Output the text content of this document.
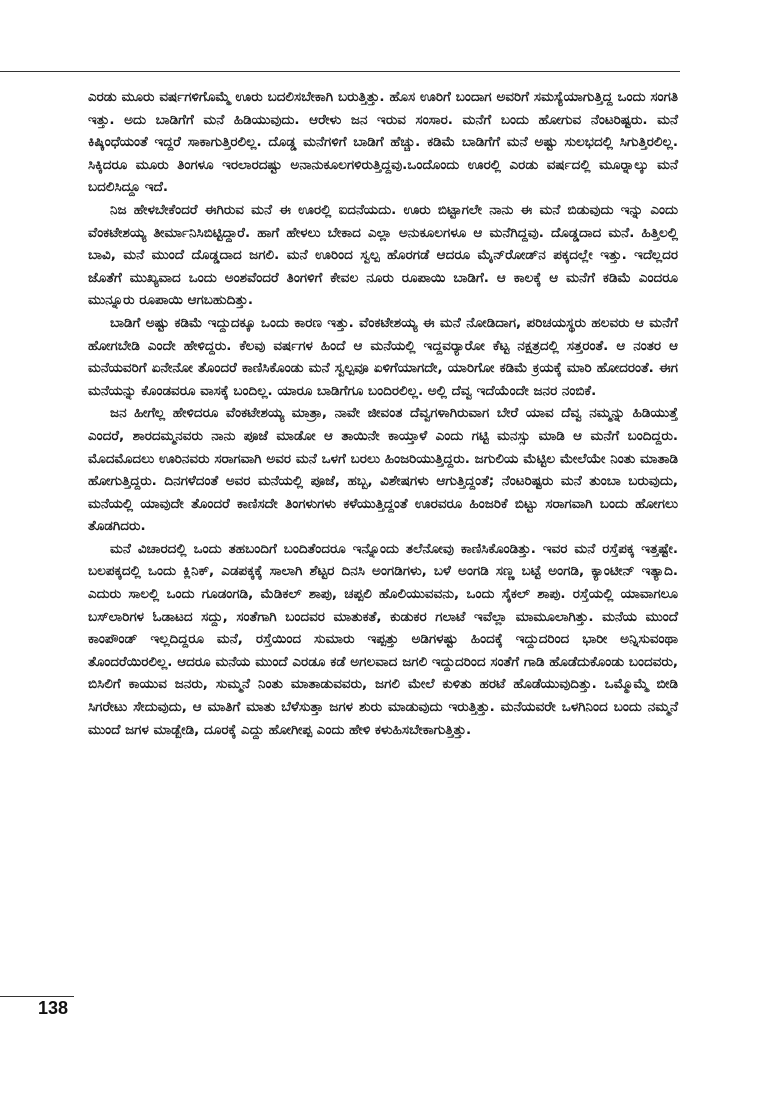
ಎರಡು ಮೂರು ವರ್ಷಗಳಿಗೊಮ್ಮೆ ಊರು ಬದಲಿಸಬೇಕಾಗಿ ಬರುತ್ತಿತ್ತು. ಹೊಸ ಊರಿಗೆ ಬಂದಾಗ ಅವರಿಗೆ ಸಮಸ್ಯೆಯಾಗುತ್ತಿದ್ದ ಒಂದು ಸಂಗತಿ ಇತ್ತು. ಅದು ಬಾಡಿಗೆಗೆ ಮನೆ ಹಿಡಿಯುವುದು. ಆರೇಳು ಜನ ಇರುವ ಸಂಸಾರ. ಮನೆಗೆ ಬಂದು ಹೋಗುವ ನೆಂಟರಿಷ್ಟರು. ಮನೆ ಕಿಷ್ಕಿಂಧೆಯಂತೆ ಇದ್ದರೆ ಸಾಕಾಗುತ್ತಿರಲಿಲ್ಲ. ದೊಡ್ಡ ಮನೆಗಳಿಗೆ ಬಾಡಿಗೆ ಹೆಚ್ಚು. ಕಡಿಮೆ ಬಾಡಿಗೆಗೆ ಮನೆ ಅಷ್ಟು ಸುಲಭದಲ್ಲಿ ಸಿಗುತ್ತಿರಲಿಲ್ಲ. ಸಿಕ್ಕಿದರೂ ಮೂರು ತಿಂಗಳೂ ಇರಲಾರದಷ್ಟು ಅನಾನುಕೂಲಗಳಿರುತ್ತಿದ್ದವು.ಒಂದೊಂದು ಊರಲ್ಲಿ ಎರಡು ವರ್ಷದಲ್ಲಿ ಮೂರ್‍ನಾಲ್ಕು ಮನೆ ಬದಲಿಸಿದ್ದೂ ಇದೆ.

ನಿಜ ಹೇಳಬೇಕೆಂದರೆ ಈಗಿರುವ ಮನೆ ಈ ಊರಲ್ಲಿ ಐದನೆಯದು. ಊರು ಬಿಟ್ಟಾಗಲೇ ನಾನು ಈ ಮನೆ ಬಿಡುವುದು ಇನ್ನು ಎಂದು ವೆಂಕಟೇಶಯ್ಯ ತೀರ್ಮಾನಿಸಿಬಿಟ್ಟಿದ್ದಾರೆ. ಹಾಗೆ ಹೇಳಲು ಬೇಕಾದ ಎಲ್ಲಾ ಅನುಕೂಲಗಳೂ ಆ ಮನೆಗಿದ್ದವು. ದೊಡ್ಡದಾದ ಮನೆ. ಹಿತ್ತಿಲಲ್ಲಿ ಬಾವಿ, ಮನೆ ಮುಂದೆ ದೊಡ್ಡದಾದ ಜಗಲಿ. ಮನೆ ಊರಿಂದ ಸ್ವಲ್ಪ ಹೊರಗಡೆ ಆದರೂ ಮೈನ್‌ರೋಡ್‌ನ ಪಕ್ಕದಲ್ಲೇ ಇತ್ತು. ಇದೆಲ್ಲದರ ಜೊತೆಗೆ ಮುಖ್ಯವಾದ ಒಂದು ಅಂಶವೆಂದರೆ ತಿಂಗಳಿಗೆ ಕೇವಲ ನೂರು ರೂಪಾಯಿ ಬಾಡಿಗೆ. ಆ ಕಾಲಕ್ಕೆ ಆ ಮನೆಗೆ ಕಡಿಮೆ ಎಂದರೂ ಮುನ್ನೂರು ರೂಪಾಯಿ ಆಗಬಹುದಿತ್ತು.

ಬಾಡಿಗೆ ಅಷ್ಟು ಕಡಿಮೆ ಇದ್ದುದಕ್ಕೂ ಒಂದು ಕಾರಣ ಇತ್ತು. ವೆಂಕಟೇಶಯ್ಯ ಈ ಮನೆ ನೋಡಿದಾಗ, ಪರಿಚಯಸ್ಥರು ಹಲವರು ಆ ಮನೆಗೆ ಹೋಗಬೇಡಿ ಎಂದೇ ಹೇಳಿದ್ದರು. ಕೆಲವು ವರ್ಷಗಳ ಹಿಂದೆ ಆ ಮನೆಯಲ್ಲಿ ಇದ್ದವರ್‍ಯಾರೋ ಕೆಟ್ಟ ನಕ್ಷತ್ರದಲ್ಲಿ ಸತ್ತರಂತೆ. ಆ ನಂತರ ಆ ಮನೆಯವರಿಗೆ ಏನೇನೋ ತೊಂದರೆ ಕಾಣಿಸಿಕೊಂಡು ಮನೆ ಸ್ವಲ್ಪವೂ ಏಳಿಗೆಯಾಗದೇ, ಯಾರಿಗೋ ಕಡಿಮೆ ಕ್ರಯಕ್ಕೆ ಮಾರಿ ಹೋದರಂತೆ. ಈಗ ಮನೆಯನ್ನು ಕೊಂಡವರೂ ವಾಸಕ್ಕೆ ಬಂದಿಲ್ಲ. ಯಾರೂ ಬಾಡಿಗೆಗೂ ಬಂದಿರಲಿಲ್ಲ. ಅಲ್ಲಿ ದೆವ್ವ ಇದೆಯೆಂದೇ ಜನರ ನಂಬಿಕೆ.

ಜನ ಹೀಗೆಲ್ಲ ಹೇಳಿದರೂ ವೆಂಕಟೇಶಯ್ಯ ಮಾತ್ರಾ, ನಾವೇ ಜೀವಂತ ದೆವ್ವಗಳಾಗಿರುವಾಗ ಬೇರೆ ಯಾವ ದೆವ್ವ ನಮ್ಮನ್ನು ಹಿಡಿಯುತ್ತೆ ಎಂದರೆ, ಶಾರದಮ್ಮನವರು ನಾನು ಪೂಜೆ ಮಾಡೋ ಆ ತಾಯಿನೇ ಕಾಯ್ತಾಳೆ ಎಂದು ಗಟ್ಟಿ ಮನಸ್ಸು ಮಾಡಿ ಆ ಮನೆಗೆ ಬಂದಿದ್ದರು. ಮೊದಮೊದಲು ಊರಿನವರು ಸರಾಗವಾಗಿ ಅವರ ಮನೆ ಒಳಗೆ ಬರಲು ಹಿಂಜರಿಯುತ್ತಿದ್ದರು. ಜಗುಲಿಯ ಮೆಟ್ಟಿಲ ಮೇಲೆಯೇ ನಿಂತು ಮಾತಾಡಿ ಹೋಗುತ್ತಿದ್ದರು. ದಿನಗಳೆದಂತೆ ಅವರ ಮನೆಯಲ್ಲಿ ಪೂಜೆ, ಹಬ್ಬ, ವಿಶೇಷಗಳು ಆಗುತ್ತಿದ್ದಂತೆ; ನೆಂಟರಿಷ್ಟರು ಮನೆ ತುಂಬಾ ಬರುವುದು, ಮನೆಯಲ್ಲಿ ಯಾವುದೇ ತೊಂದರೆ ಕಾಣಿಸದೇ ತಿಂಗಳುಗಳು ಕಳೆಯುತ್ತಿದ್ದಂತೆ ಊರವರೂ ಹಿಂಜರಿಕೆ ಬಿಟ್ಟು ಸರಾಗವಾಗಿ ಬಂದು ಹೋಗಲು ತೊಡಗಿದರು.

ಮನೆ ವಿಚಾರದಲ್ಲಿ ಒಂದು ತಹಬಂದಿಗೆ ಬಂದಿತೆಂದರೂ ಇನ್ನೊಂದು ತಲೆನೋವು ಕಾಣಿಸಿಕೊಂಡಿತ್ತು. ಇವರ ಮನೆ ರಸ್ತೆಪಕ್ಕ ಇತ್ತಷ್ಟೇ. ಬಲಪಕ್ಕದಲ್ಲಿ ಒಂದು ಕ್ಲಿನಿಕ್, ಎಡಪಕ್ಕಕ್ಕೆ ಸಾಲಾಗಿ ಶೆಟ್ಟರ ದಿನಸಿ ಅಂಗಡಿಗಳು, ಬಳೆ ಅಂಗಡಿ ಸಣ್ಣ ಬಟ್ಟೆ ಅಂಗಡಿ, ಕ್ಯಾಂಟೀನ್ ಇತ್ಯಾದಿ. ಎದುರು ಸಾಲಲ್ಲಿ ಒಂದು ಗೂಡಂಗಡಿ, ಮೆಡಿಕಲ್ ಶಾಪು, ಚಪ್ಪಲಿ ಹೊಲಿಯುವವನು, ಒಂದು ಸೈಕಲ್ ಶಾಪು. ರಸ್ತೆಯಲ್ಲಿ ಯಾವಾಗಲೂ ಬಸ್‌ಲಾರಿಗಳ ಓಡಾಟದ ಸದ್ದು, ಸಂತೆಗಾಗಿ ಬಂದವರ ಮಾತುಕತೆ, ಕುಡುಕರ ಗಲಾಟೆ ಇವೆಲ್ಲಾ ಮಾಮೂಲಾಗಿತ್ತು. ಮನೆಯ ಮುಂದೆ ಕಾಂಪೌಂಡ್ ಇಲ್ಲದಿದ್ದರೂ ಮನೆ, ರಸ್ತೆಯಿಂದ ಸುಮಾರು ಇಪ್ಪತ್ತು ಅಡಿಗಳಷ್ಟು ಹಿಂದಕ್ಕೆ ಇದ್ದುದರಿಂದ ಭಾರೀ ಅನ್ನಿಸುವಂಥಾ ತೊಂದರೆಯಿರಲಿಲ್ಲ. ಆದರೂ ಮನೆಯ ಮುಂದೆ ಎರಡೂ ಕಡೆ ಅಗಲವಾದ ಜಗಲಿ ಇದ್ದುದರಿಂದ ಸಂತೆಗೆ ಗಾಡಿ ಹೊಡೆದುಕೊಂಡು ಬಂದವರು, ಬಿಸಿಲಿಗೆ ಕಾಯುವ ಜನರು, ಸುಮ್ಮನೆ ನಿಂತು ಮಾತಾಡುವವರು, ಜಗಲಿ ಮೇಲೆ ಕುಳಿತು ಹರಟೆ ಹೊಡೆಯುವುದಿತ್ತು. ಒಮ್ಮೊಮ್ಮೆ ಬೀಡಿ ಸಿಗರೇಟು ಸೇದುವುದು, ಆ ಮಾತಿಗೆ ಮಾತು ಬೆಳೆಸುತ್ತಾ ಜಗಳ ಶುರು ಮಾಡುವುದು ಇರುತ್ತಿತ್ತು. ಮನೆಯವರೇ ಒಳಗಿನಿಂದ ಬಂದು ನಮ್ಮನೆ ಮುಂದೆ ಜಗಳ ಮಾಡ್ಬೇಡಿ, ದೂರಕ್ಕೆ ಎದ್ದು ಹೋಗೀಪ್ಪ ಎಂದು ಹೇಳಿ ಕಳುಹಿಸಬೇಕಾಗುತ್ತಿತ್ತು.

138
